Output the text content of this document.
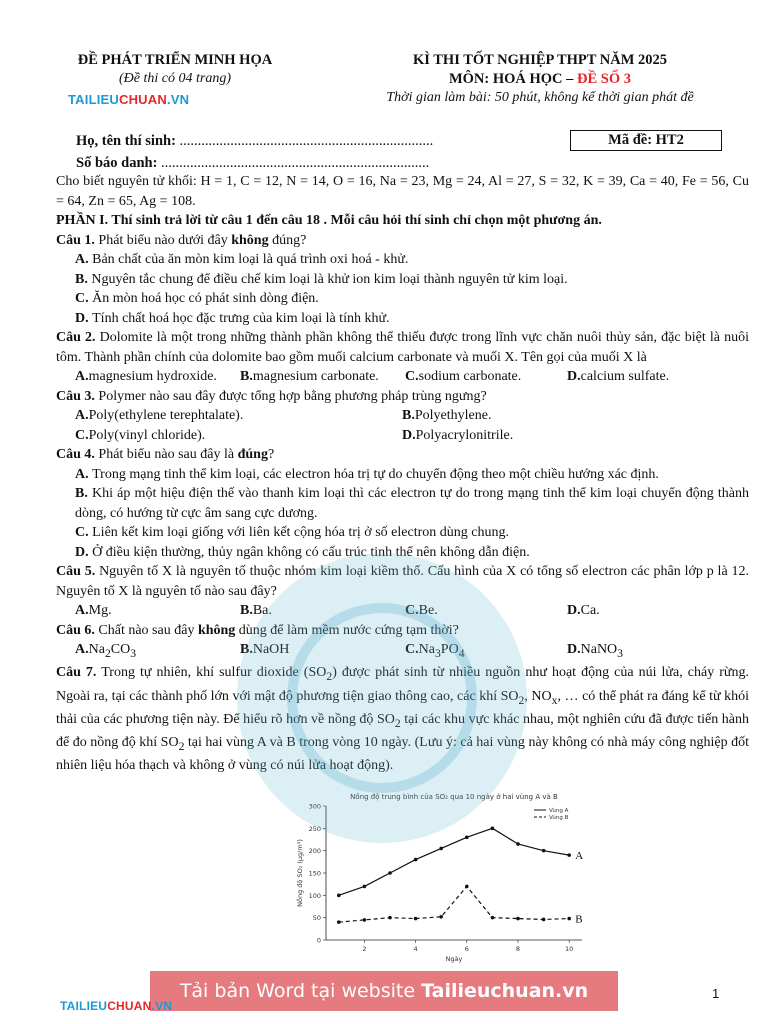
ĐỀ PHÁT TRIỂN MINH HỌA
(Đề thi có 04 trang)
TAILIEUCHUAN.VN
KÌ THI TỐT NGHIỆP THPT NĂM 2025
MÔN: HOÁ HỌC – ĐỀ SỐ 3
Thời gian làm bài: 50 phút, không kể thời gian phát đề
Họ, tên thí sinh: ......................................................................
Số báo danh: ..........................................................................
Mã đề: HT2

Cho biết nguyên tử khối: H = 1, C = 12, N = 14, O = 16, Na = 23, Mg = 24, Al = 27, S = 32, K = 39, Ca = 40, Fe = 56, Cu = 64, Zn = 65, Ag = 108.

PHẦN I. Thí sinh trả lời từ câu 1 đến câu 18 . Mỗi câu hỏi thí sinh chỉ chọn một phương án.

Câu 1. Phát biểu nào dưới đây không đúng?

A. Bản chất của ăn mòn kim loại là quá trình oxi hoá - khử.

B. Nguyên tắc chung để điều chế kim loại là khử ion kim loại thành nguyên tử kim loại.

C. Ăn mòn hoá học có phát sinh dòng điện.

D. Tính chất hoá học đặc trưng của kim loại là tính khử.

Câu 2. Dolomite là một trong những thành phần không thể thiếu được trong lĩnh vực chăn nuôi thủy sản, đặc biệt là nuôi tôm. Thành phần chính của dolomite bao gồm muối calcium carbonate và muối X. Tên gọi của muối X là

A.magnesium hydroxide.	B.magnesium carbonate.	C.sodium carbonate.	D.calcium sulfate.

Câu 3. Polymer nào sau đây được tổng hợp bằng phương pháp trùng ngưng?

A.Poly(ethylene terephtalate).	B.Polyethylene.
C.Poly(vinyl chloride).	D.Polyacrylonitrile.

Câu 4. Phát biểu nào sau đây là đúng?

A. Trong mạng tinh thể kim loại, các electron hóa trị tự do chuyển động theo một chiều hướng xác định.

B. Khi áp một hiệu điện thế vào thanh kim loại thì các electron tự do trong mạng tinh thể kim loại chuyển động thành dòng, có hướng từ cực âm sang cực dương.

C. Liên kết kim loại giống với liên kết cộng hóa trị ở số electron dùng chung.

D. Ở điều kiện thường, thủy ngân không có cấu trúc tinh thể nên không dẫn điện.

Câu 5. Nguyên tố X là nguyên tố thuộc nhóm kim loại kiềm thổ. Cấu hình của X có tổng số electron các phân lớp p là 12. Nguyên tố X là nguyên tố nào sau đây?

A.Mg.	B.Ba.	C.Be.	D.Ca.

Câu 6. Chất nào sau đây không dùng để làm mềm nước cứng tạm thời?

$A.Na_2CO_3$	B.NaOH	$C.Na_3PO_4$	D.NaNO$_3$

Câu 7. Trong tự nhiên, khí sulfur dioxide $(SO_2)$ được phát sinh từ nhiều nguồn như hoạt động của núi lửa, cháy rừng. Ngoài ra, tại các thành phố lớn với mật độ phương tiện giao thông cao, các khí $SO_2$, $NO_x$, … có thể phát ra đáng kể từ khói thải của các phương tiện này. Để hiểu rõ hơn về nồng độ $SO_2$ tại các khu vực khác nhau, một nghiên cứu đã được tiến hành để đo nồng độ khí $SO_2$ tại hai vùng A và B trong vòng 10 ngày. (Lưu ý: cả hai vùng này không có nhà máy công nghiệp đốt nhiên liệu hóa thạch và không ở vùng có núi lửa hoạt động).

Nồng độ trung bình của SO₂ qua 10 ngày ở hai vùng A và B
0
50
100
150
200
250
300
2	4	6	8	10
Ngày
Nồng độ SO₂ (µg/m³)	A
Vùng A
B
Vùng B
Tải bản Word tại website Tailieuchuan.vn
TAILIEUCHUAN.VN
1
